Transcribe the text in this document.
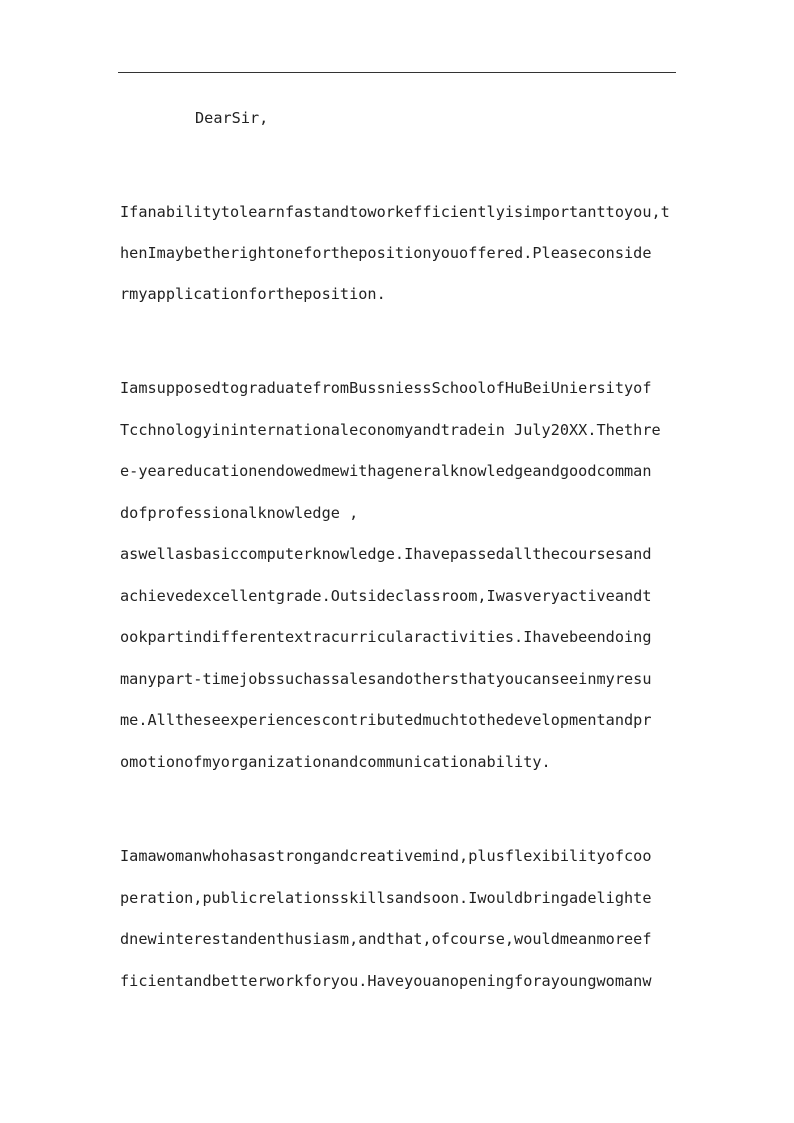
DearSir,
Ifanabilitytolearnfastandtoworkefficientlyisimportanttoyou,t
henImaybetherightoneforthepositionyouoffered.Pleaseconside
rmyapplicationfortheposition.
IamsupposedtograduatefromBussniessSchoolofHuBeiUniersityof
Tcchnologyininternationaleconomyandtradein July20XX.Thethre
e-yeareducationendowedmewithageneralknowledgeandgoodcomman
dofprofessionalknowledge ,
aswellasbasiccomputerknowledge.Ihavepassedallthecoursesand
achievedexcellentgrade.Outsideclassroom,Iwasveryactiveandt
ookpartindifferentextracurricularactivities.Ihavebeendoing
manypart-timejobssuchassalesandothersthatyoucanseeinmyresu
me.Alltheseexperiencescontributedmuchtothedevelopmentandpr
omotionofmyorganizationandcommunicationability.
Iamawomanwhohasastrongandcreativemind,plusflexibilityofcoo
peration,publicrelationsskillsandsoon.Iwouldbringadelighte
dnewinterestandenthusiasm,andthat,ofcourse,wouldmeanmoreef
ficientandbetterworkforyou.Haveyouanopeningforayoungwomanw
